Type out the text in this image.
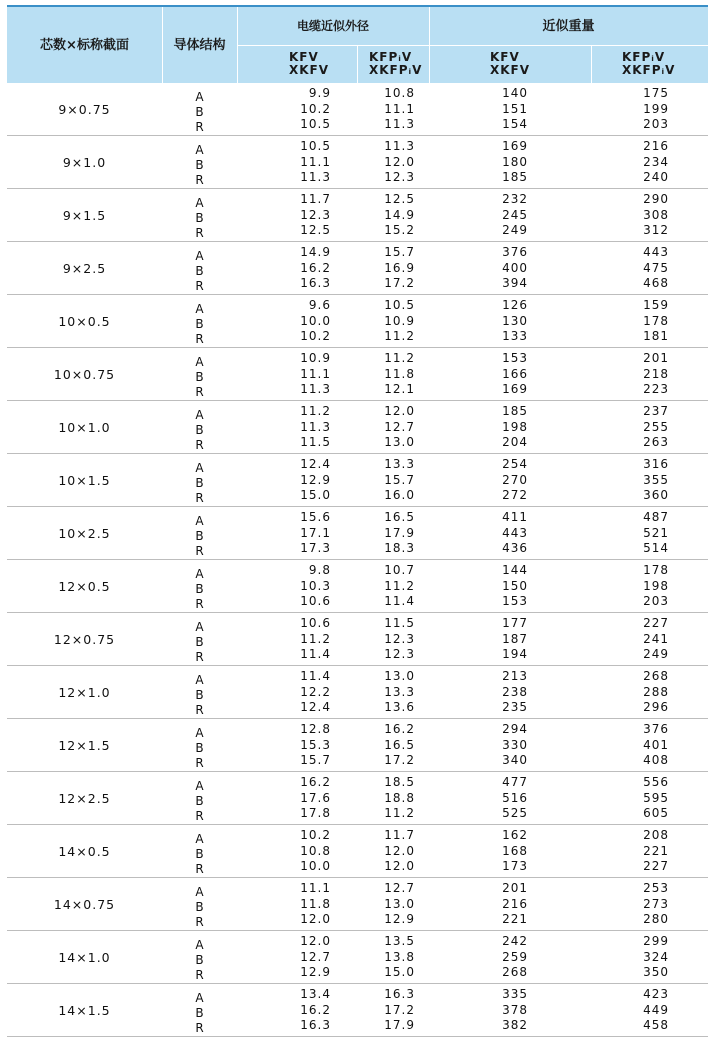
芯数×标称截面	导体结构
电缆近似外径	近似重量
KFV
XKFV
KFPᵢV
XKFPᵢV
KFV
XKFV
KFPᵢV
XKFPᵢV
9×0.75
A
B
R
9.9
10.2
10.5
10.8
11.1
11.3
140
151
154
175
199
203
9×1.0
A
B
R
10.5
11.1
11.3
11.3
12.0
12.3
169
180
185
216
234
240
9×1.5
A
B
R
11.7
12.3
12.5
12.5
14.9
15.2
232
245
249
290
308
312
9×2.5
A
B
R
14.9
16.2
16.3
15.7
16.9
17.2
376
400
394
443
475
468
10×0.5
A
B
R
9.6
10.0
10.2
10.5
10.9
11.2
126
130
133
159
178
181
10×0.75
A
B
R
10.9
11.1
11.3
11.2
11.8
12.1
153
166
169
201
218
223
10×1.0
A
B
R
11.2
11.3
11.5
12.0
12.7
13.0
185
198
204
237
255
263
10×1.5
A
B
R
12.4
12.9
15.0
13.3
15.7
16.0
254
270
272
316
355
360
10×2.5
A
B
R
15.6
17.1
17.3
16.5
17.9
18.3
411
443
436
487
521
514
12×0.5
A
B
R
9.8
10.3
10.6
10.7
11.2
11.4
144
150
153
178
198
203
12×0.75
A
B
R
10.6
11.2
11.4
11.5
12.3
12.3
177
187
194
227
241
249
12×1.0
A
B
R
11.4
12.2
12.4
13.0
13.3
13.6
213
238
235
268
288
296
12×1.5
A
B
R
12.8
15.3
15.7
16.2
16.5
17.2
294
330
340
376
401
408
12×2.5
A
B
R
16.2
17.6
17.8
18.5
18.8
11.2
477
516
525
556
595
605
14×0.5
A
B
R
10.2
10.8
10.0
11.7
12.0
12.0
162
168
173
208
221
227
14×0.75
A
B
R
11.1
11.8
12.0
12.7
13.0
12.9
201
216
221
253
273
280
14×1.0
A
B
R
12.0
12.7
12.9
13.5
13.8
15.0
242
259
268
299
324
350
14×1.5
A
B
R
13.4
16.2
16.3
16.3
17.2
17.9
335
378
382
423
449
458
